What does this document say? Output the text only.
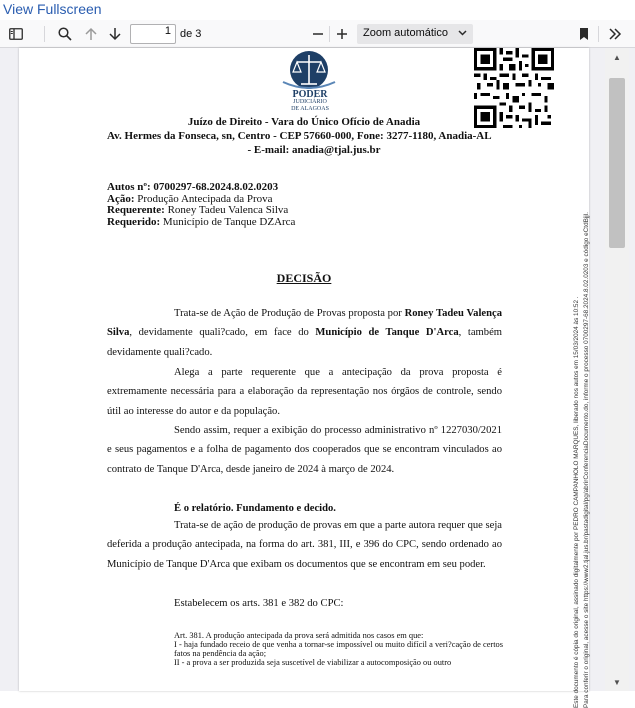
View Fullscreen
1 de 3	Zoom automático
PODER
JUDICIÁRIO
DE ALAGOAS
Juízo de Direito - Vara do Único Ofício de Anadia
Av. Hermes da Fonseca, sn, Centro - CEP 57660-000, Fone: 3277-1180, Anadia-AL
- E-mail: anadia@tjal.jus.br
Autos nº: 0700297-68.2024.8.02.0203
Ação: Produção Antecipada da Prova
Requerente: Roney Tadeu Valenca Silva
Requerido: Município de Tanque DZArca
DECISÃO
Trata-se de Ação de Produção de Provas proposta por Roney Tadeu Valença Silva, devidamente quali?cado, em face do Município de Tanque D'Arca, também devidamente quali?cado.
Alega a parte requerente que a antecipação da prova proposta é extremamente necessária para a elaboração da representação nos órgãos de controle, sendo útil ao interesse do autor e da população.
Sendo assim, requer a exibição do processo administrativo nº 1227030/2021 e seus pagamentos e a folha de pagamento dos cooperados que se encontram vinculados ao contrato de Tanque D'Arca, desde janeiro de 2024 à março de 2024.
É o relatório. Fundamento e decido.
Trata-se de ação de produção de provas em que a parte autora requer que seja deferida a produção antecipada, na forma do art. 381, III, e 396 do CPC, sendo ordenado ao Município de Tanque D'Arca que exibam os documentos que se encontram em seu poder.
Estabelecem os arts. 381 e 382 do CPC:
Art. 381. A produção antecipada da prova será admitida nos casos em que:
I - haja fundado receio de que venha a tornar-se impossível ou muito difícil a veri?cação de certos fatos na pendência da ação;
II - a prova a ser produzida seja suscetível de viabilizar a autocomposição ou outro	Este documento é cópia do original, assinado digitalmente por PEDRO CAMPANHOLO MARQUES, liberado nos autos em 15/03/2024 às 10:52 . Para conferir o original, acesse o site https://www2.tjal.jus.br/pastadigital/pg/abrirConferenciaDocumento.do, informe o processo 0700297-68.2024.8.02.0203 e código eCtdBjjl.
▲
▼
